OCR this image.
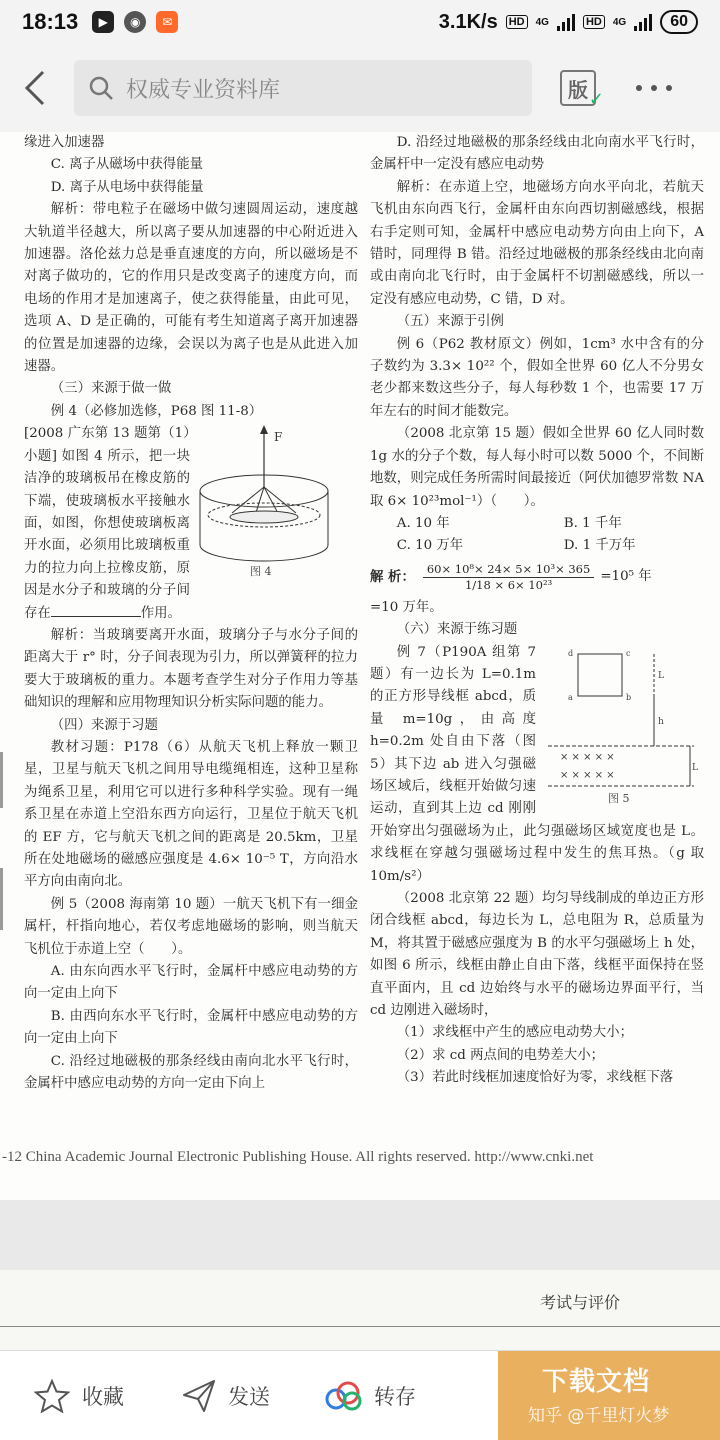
18:13	▶	◉	✉	3.1K/s HD	4G	HD	4G	60
权威专业资料库	版 ✓

缘进入加速器

C. 离子从磁场中获得能量

D. 离子从电场中获得能量

解析：带电粒子在磁场中做匀速圆周运动，速度越大轨道半径越大，所以离子要从加速器的中心附近进入加速器。洛伦兹力总是垂直速度的方向，所以磁场是不对离子做功的，它的作用只是改变离子的速度方向，而电场的作用才是加速离子，使之获得能量，由此可见，选项 A、D 是正确的，可能有考生知道离子离开加速器的位置是加速器的边缘，会误以为离子也是从此进入加速器。

（三）来源于做一做

例 4（必修加选修，P68 图 11-8）

F
图 4

[2008 广东第 13 题第（1）小题] 如图 4 所示，把一块洁净的玻璃板吊在橡皮筋的下端，使玻璃板水平接触水面，如图，你想使玻璃板离开水面，必须用比玻璃板重力的拉力向上拉橡皮筋，原因是水分子和玻璃的分子间存在	作用。

解析：当玻璃要离开水面，玻璃分子与水分子间的距离大于 r° 时，分子间表现为引力，所以弹簧秤的拉力要大于玻璃板的重力。本题考查学生对分子作用力等基础知识的理解和应用物理知识分析实际问题的能力。

（四）来源于习题

教材习题：P178（6）从航天飞机上释放一颗卫星，卫星与航天飞机之间用导电缆绳相连，这种卫星称为绳系卫星，利用它可以进行多种科学实验。现有一绳系卫星在赤道上空沿东西方向运行，卫星位于航天飞机的 EF 方，它与航天飞机之间的距离是 20.5km，卫星所在处地磁场的磁感应强度是 4.6× 10⁻⁵ T，方向沿水平方向由南向北。

例 5（2008 海南第 10 题）一航天飞机下有一细金属杆，杆指向地心，若仅考虑地磁场的影响，则当航天飞机位于赤道上空（　　）。

A. 由东向西水平飞行时，金属杆中感应电动势的方向一定由上向下

B. 由西向东水平飞行时，金属杆中感应电动势的方向一定由上向下

C. 沿经过地磁极的那条经线由南向北水平飞行时，金属杆中感应电动势的方向一定由下向上

D. 沿经过地磁极的那条经线由北向南水平飞行时，金属杆中一定没有感应电动势

解析：在赤道上空，地磁场方向水平向北，若航天飞机由东向西飞行，金属杆由东向西切割磁感线，根据右手定则可知，金属杆中感应电动势方向由上向下，A 错时，同理得 B 错。沿经过地磁极的那条经线由北向南或由南向北飞行时，由于金属杆不切割磁感线，所以一定没有感应电动势，C 错，D 对。

（五）来源于引例

例 6（P62 教材原文）例如，1cm³ 水中含有的分子数约为 3.3× 10²² 个，假如全世界 60 亿人不分男女老少都来数这些分子，每人每秒数 1 个，也需要 17 万年左右的时间才能数完。

（2008 北京第 15 题）假如全世界 60 亿人同时数 1g 水的分子个数，每人每小时可以数 5000 个，不间断地数，则完成任务所需时间最接近（阿伏加德罗常数 NA 取 6× 10²³mol⁻¹）（　　）。

A. 10 年	B. 1 千年
C. 10 万年	D. 1 千万年
解 析： $\frac{\text{60× 10⁸× 24× 5× 10³× 365}}{\text{1/18 × 6× 10²³}} =10^5$ 年

=10 万年。

（六）来源于练习题

d	c
a	b
L
h
× × × × ×
× × × × ×
L
图 5

例 7（P190A 组第 7 题）有一边长为 L=0.1m 的正方形导线框 abcd，质量 m=10g，由高度 h=0.2m 处自由下落（图 5）其下边 ab 进入匀强磁场区域后，线框开始做匀速运动，直到其上边 cd 刚刚开始穿出匀强磁场为止，此匀强磁场区域宽度也是 L。求线框在穿越匀强磁场过程中发生的焦耳热。（g 取 10m/s²）

（2008 北京第 22 题）均匀导线制成的单边正方形闭合线框 abcd，每边长为 L，总电阻为 R，总质量为 M，将其置于磁感应强度为 B 的水平匀强磁场上 h 处，如图 6 所示，线框由静止自由下落，线框平面保持在竖直平面内，且 cd 边始终与水平的磁场边界面平行，当 cd 边刚进入磁场时，

（1）求线框中产生的感应电动势大小；

（2）求 cd 两点间的电势差大小；

（3）若此时线框加速度恰好为零，求线框下落

-12 China Academic Journal Electronic Publishing House. All rights reserved. http://www.cnki.net
考试与评价
收藏	发送	转存	下载文档
知乎 @千里灯火梦
